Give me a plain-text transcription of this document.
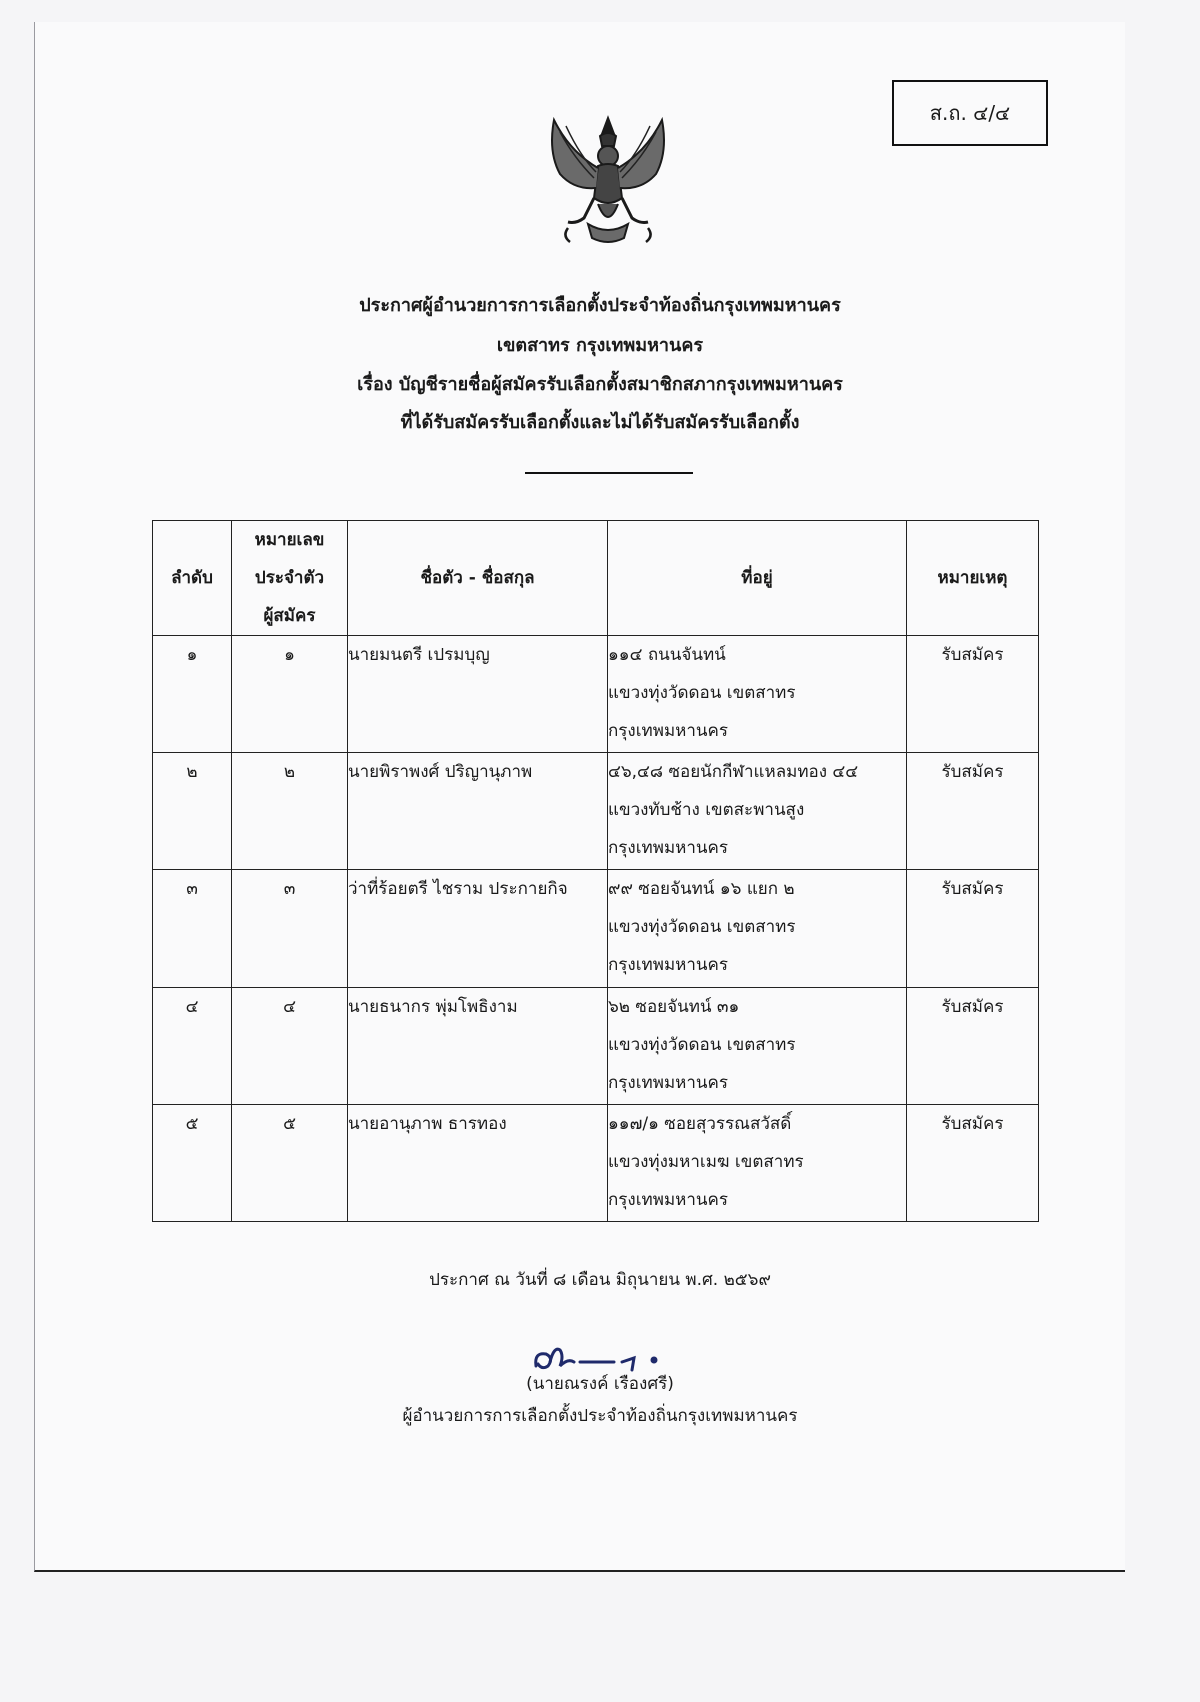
ส.ถ. ๔/๔
ประกาศผู้อำนวยการการเลือกตั้งประจำท้องถิ่นกรุงเทพมหานคร
เขตสาทร กรุงเทพมหานคร
เรื่อง บัญชีรายชื่อผู้สมัครรับเลือกตั้งสมาชิกสภากรุงเทพมหานคร
ที่ได้รับสมัครรับเลือกตั้งและไม่ได้รับสมัครรับเลือกตั้ง
ลำดับ	หมายเลข
ประจำตัว
ผู้สมัคร	ชื่อตัว - ชื่อสกุล	ที่อยู่	หมายเหตุ
๑	๑	นายมนตรี เปรมบุญ	๑๑๔ ถนนจันทน์
แขวงทุ่งวัดดอน เขตสาทร
กรุงเทพมหานคร	รับสมัคร
๒	๒	นายพิราพงศ์ ปริญานุภาพ	๔๖,๔๘ ซอยนักกีฬาแหลมทอง ๔๔
แขวงทับช้าง เขตสะพานสูง
กรุงเทพมหานคร	รับสมัคร
๓	๓	ว่าที่ร้อยตรี ไชราม ประกายกิจ	๙๙ ซอยจันทน์ ๑๖ แยก ๒
แขวงทุ่งวัดดอน เขตสาทร
กรุงเทพมหานคร	รับสมัคร
๔	๔	นายธนากร พุ่มโพธิงาม	๖๒ ซอยจันทน์ ๓๑
แขวงทุ่งวัดดอน เขตสาทร
กรุงเทพมหานคร	รับสมัคร
๕	๕	นายอานุภาพ ธารทอง	๑๑๗/๑ ซอยสุวรรณสวัสดิ์
แขวงทุ่งมหาเมฆ เขตสาทร
กรุงเทพมหานคร	รับสมัคร
ประกาศ ณ วันที่ ๘ เดือน มิถุนายน พ.ศ. ๒๕๖๙
(นายณรงค์ เรืองศรี)
ผู้อำนวยการการเลือกตั้งประจำท้องถิ่นกรุงเทพมหานคร
